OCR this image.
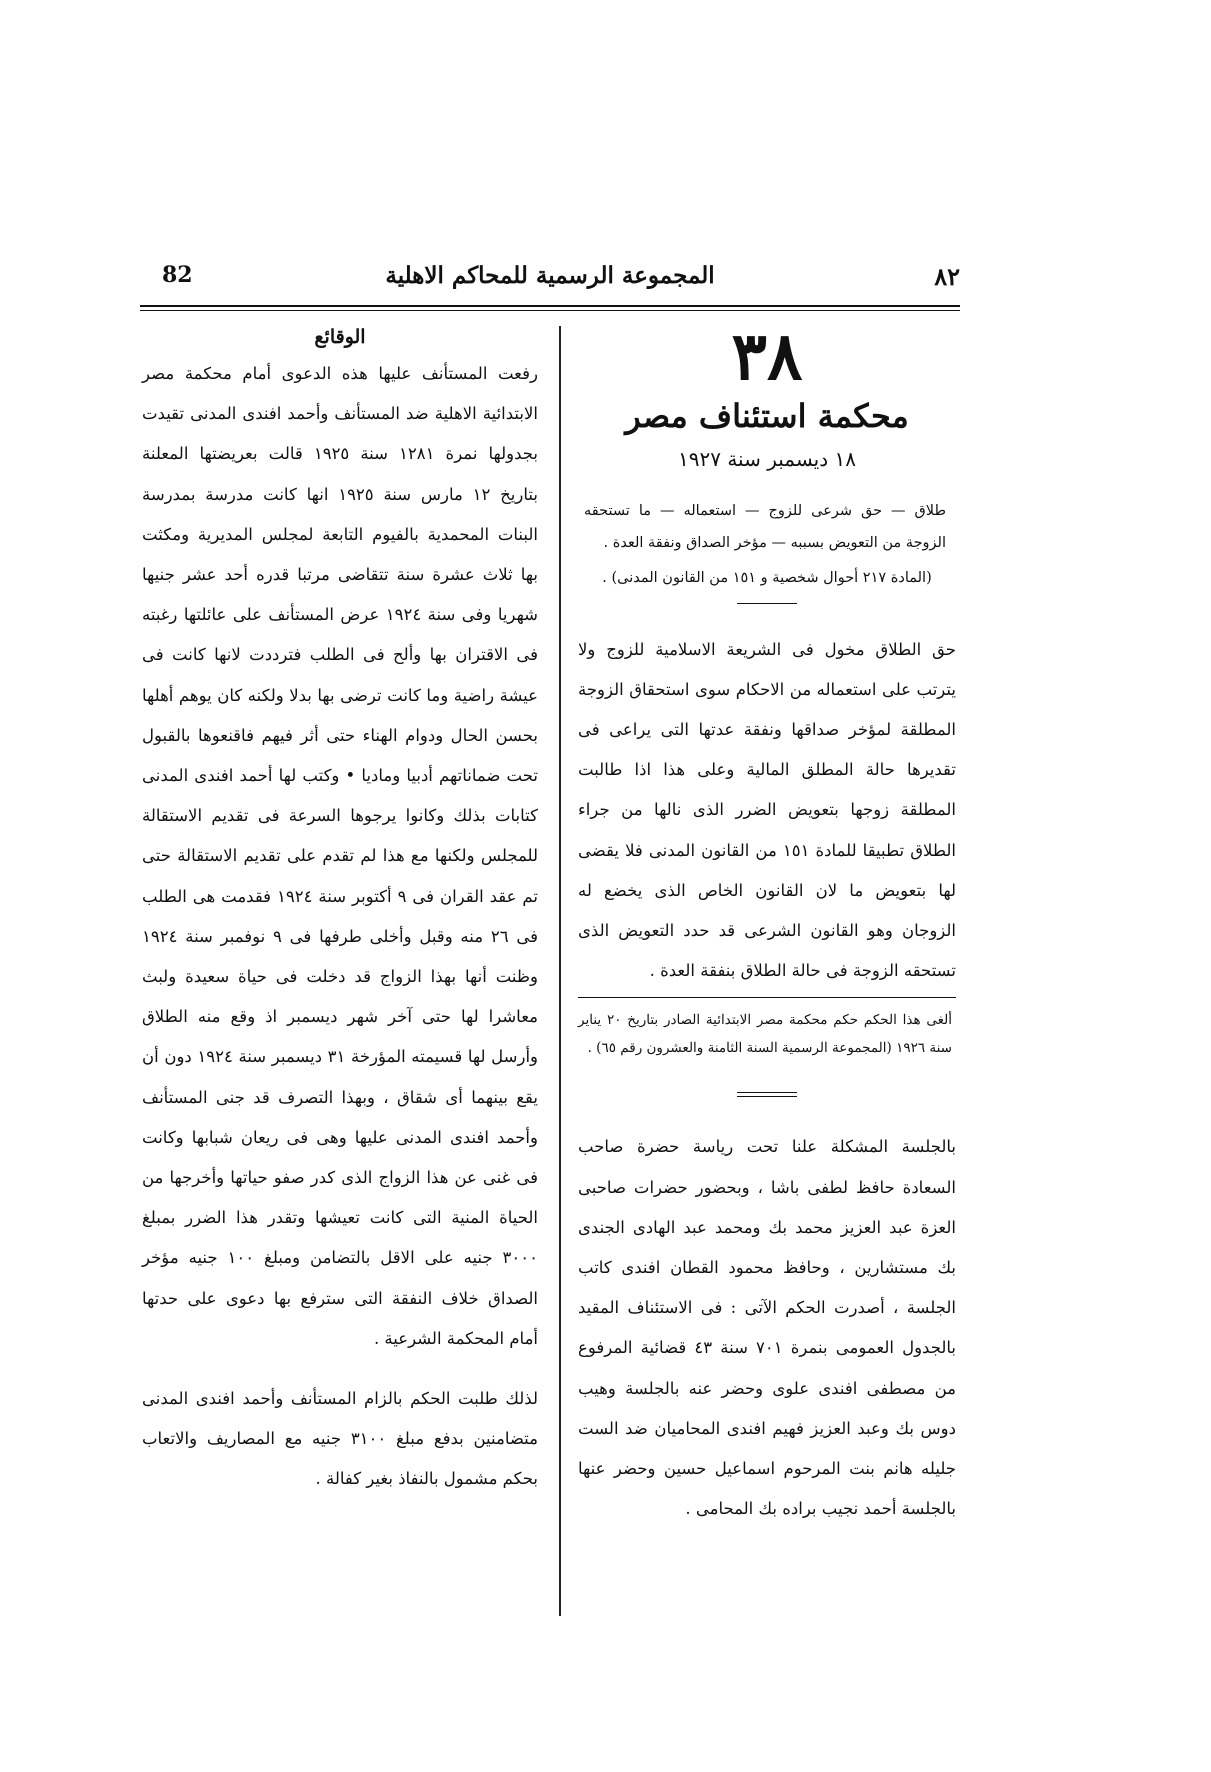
٨٢
المجموعة الرسمية للمحاكم الاهلية
82
٣٨
محكمة استئناف مصر
١٨ ديسمبر سنة ١٩٢٧
طلاق — حق شرعى للزوج — استعماله — ما تستحقه الزوجة من التعويض بسببه — مؤخر الصداق ونفقة العدة .
(المادة ٢١٧ أحوال شخصية و ١٥١ من القانون المدنى) .

حق الطلاق مخول فى الشريعة الاسلامية للزوج ولا يترتب على استعماله من الاحكام سوى استحقاق الزوجة المطلقة لمؤخر صداقها ونفقة عدتها التى يراعى فى تقديرها حالة المطلق المالية وعلى هذا اذا طالبت المطلقة زوجها بتعويض الضرر الذى نالها من جراء الطلاق تطبيقا للمادة ١٥١ من القانون المدنى فلا يقضى لها بتعويض ما لان القانون الخاص الذى يخضع له الزوجان وهو القانون الشرعى قد حدد التعويض الذى تستحقه الزوجة فى حالة الطلاق بنفقة العدة .

ألغى هذا الحكم حكم محكمة مصر الابتدائية الصادر بتاريخ ٢٠ يناير سنة ١٩٢٦ (المجموعة الرسمية السنة الثامنة والعشرون رقم ٦٥) .

بالجلسة المشكلة علنا تحت رياسة حضرة صاحب السعادة حافظ لطفى باشا ، وبحضور حضرات صاحبى العزة عبد العزيز محمد بك ومحمد عبد الهادى الجندى بك مستشارين ، وحافظ محمود القطان افندى كاتب الجلسة ، أصدرت الحكم الآتى : فى الاستئناف المقيد بالجدول العمومى بنمرة ٧٠١ سنة ٤٣ قضائية المرفوع من مصطفى افندى علوى وحضر عنه بالجلسة وهيب دوس بك وعبد العزيز فهيم افندى المحاميان ضد الست جليله هانم بنت المرحوم اسماعيل حسين وحضر عنها بالجلسة أحمد نجيب براده بك المحامى .

الوقائع

رفعت المستأنف عليها هذه الدعوى أمام محكمة مصر الابتدائية الاهلية ضد المستأنف وأحمد افندى المدنى تقيدت بجدولها نمرة ١٢٨١ سنة ١٩٢٥ قالت بعريضتها المعلنة بتاريخ ١٢ مارس سنة ١٩٢٥ انها كانت مدرسة بمدرسة البنات المحمدية بالفيوم التابعة لمجلس المديرية ومكثت بها ثلاث عشرة سنة تتقاضى مرتبا قدره أحد عشر جنيها شهريا وفى سنة ١٩٢٤ عرض المستأنف على عائلتها رغبته فى الاقتران بها وألح فى الطلب فترددت لانها كانت فى عيشة راضية وما كانت ترضى بها بدلا ولكنه كان يوهم أهلها بحسن الحال ودوام الهناء حتى أثر فيهم فاقنعوها بالقبول تحت ضماناتهم أدبيا وماديا • وكتب لها أحمد افندى المدنى كتابات بذلك وكانوا يرجوها السرعة فى تقديم الاستقالة للمجلس ولكنها مع هذا لم تقدم على تقديم الاستقالة حتى تم عقد القران فى ٩ أكتوبر سنة ١٩٢٤ فقدمت هى الطلب فى ٢٦ منه وقبل وأخلى طرفها فى ٩ نوفمبر سنة ١٩٢٤ وظنت أنها بهذا الزواج قد دخلت فى حياة سعيدة ولبث معاشرا لها حتى آخر شهر ديسمبر اذ وقع منه الطلاق وأرسل لها قسيمته المؤرخة ٣١ ديسمبر سنة ١٩٢٤ دون أن يقع بينهما أى شقاق ، وبهذا التصرف قد جنى المستأنف وأحمد افندى المدنى عليها وهى فى ريعان شبابها وكانت فى غنى عن هذا الزواج الذى كدر صفو حياتها وأخرجها من الحياة المنية التى كانت تعيشها وتقدر هذا الضرر بمبلغ ٣٠٠٠ جنيه على الاقل بالتضامن ومبلغ ١٠٠ جنيه مؤخر الصداق خلاف النفقة التى سترفع بها دعوى على حدتها أمام المحكمة الشرعية .

لذلك طلبت الحكم بالزام المستأنف وأحمد افندى المدنى متضامنين بدفع مبلغ ٣١٠٠ جنيه مع المصاريف والاتعاب بحكم مشمول بالنفاذ بغير كفالة .
